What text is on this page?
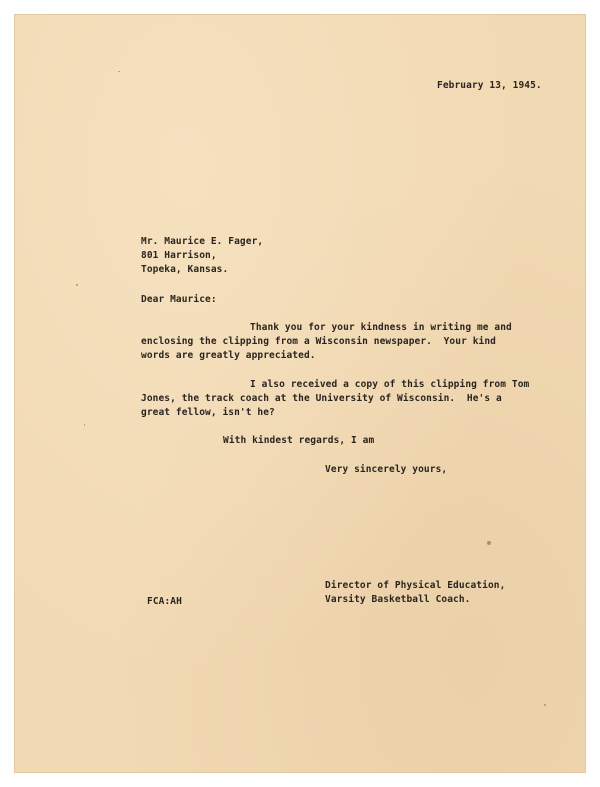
February 13, 1945.
Mr. Maurice E. Fager,
801 Harrison,
Topeka, Kansas.
Dear Maurice:
Thank you for your kindness in writing me and
enclosing the clipping from a Wisconsin newspaper.  Your kind
words are greatly appreciated.
I also received a copy of this clipping from Tom
Jones, the track coach at the University of Wisconsin.  He's a
great fellow, isn't he?
With kindest regards, I am
Very sincerely yours,
Director of Physical Education,
Varsity Basketball Coach.
FCA:AH
